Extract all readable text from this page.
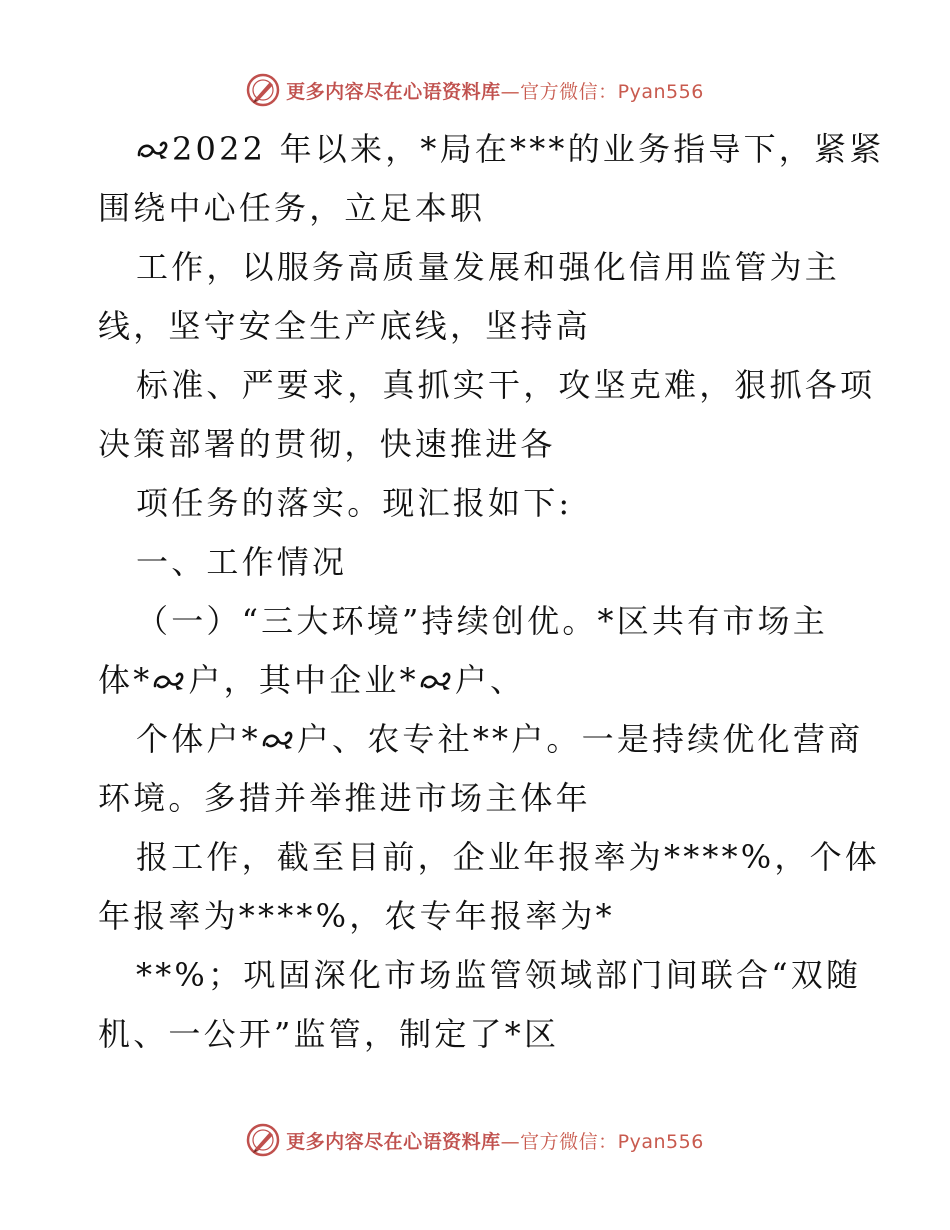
更多内容尽在心语资料库—官方微信：Pyan556

2022 年以来，*局在***的业务指导下，紧紧

围绕中心任务，立足本职

工作，以服务高质量发展和强化信用监管为主

线，坚守安全生产底线，坚持高

标准、严要求，真抓实干，攻坚克难，狠抓各项

决策部署的贯彻，快速推进各

项任务的落实。现汇报如下:

一、工作情况

（一）“三大环境”持续创优。*区共有市场主

体* 户，其中企业* 户、

个体户* 户、农专社**户。一是持续优化营商

环境。多措并举推进市场主体年

报工作，截至目前，企业年报率为****%，个体

年报率为****%，农专年报率为*

**%；巩固深化市场监管领域部门间联合“双随

机、一公开”监管，制定了*区

更多内容尽在心语资料库—官方微信：Pyan556
